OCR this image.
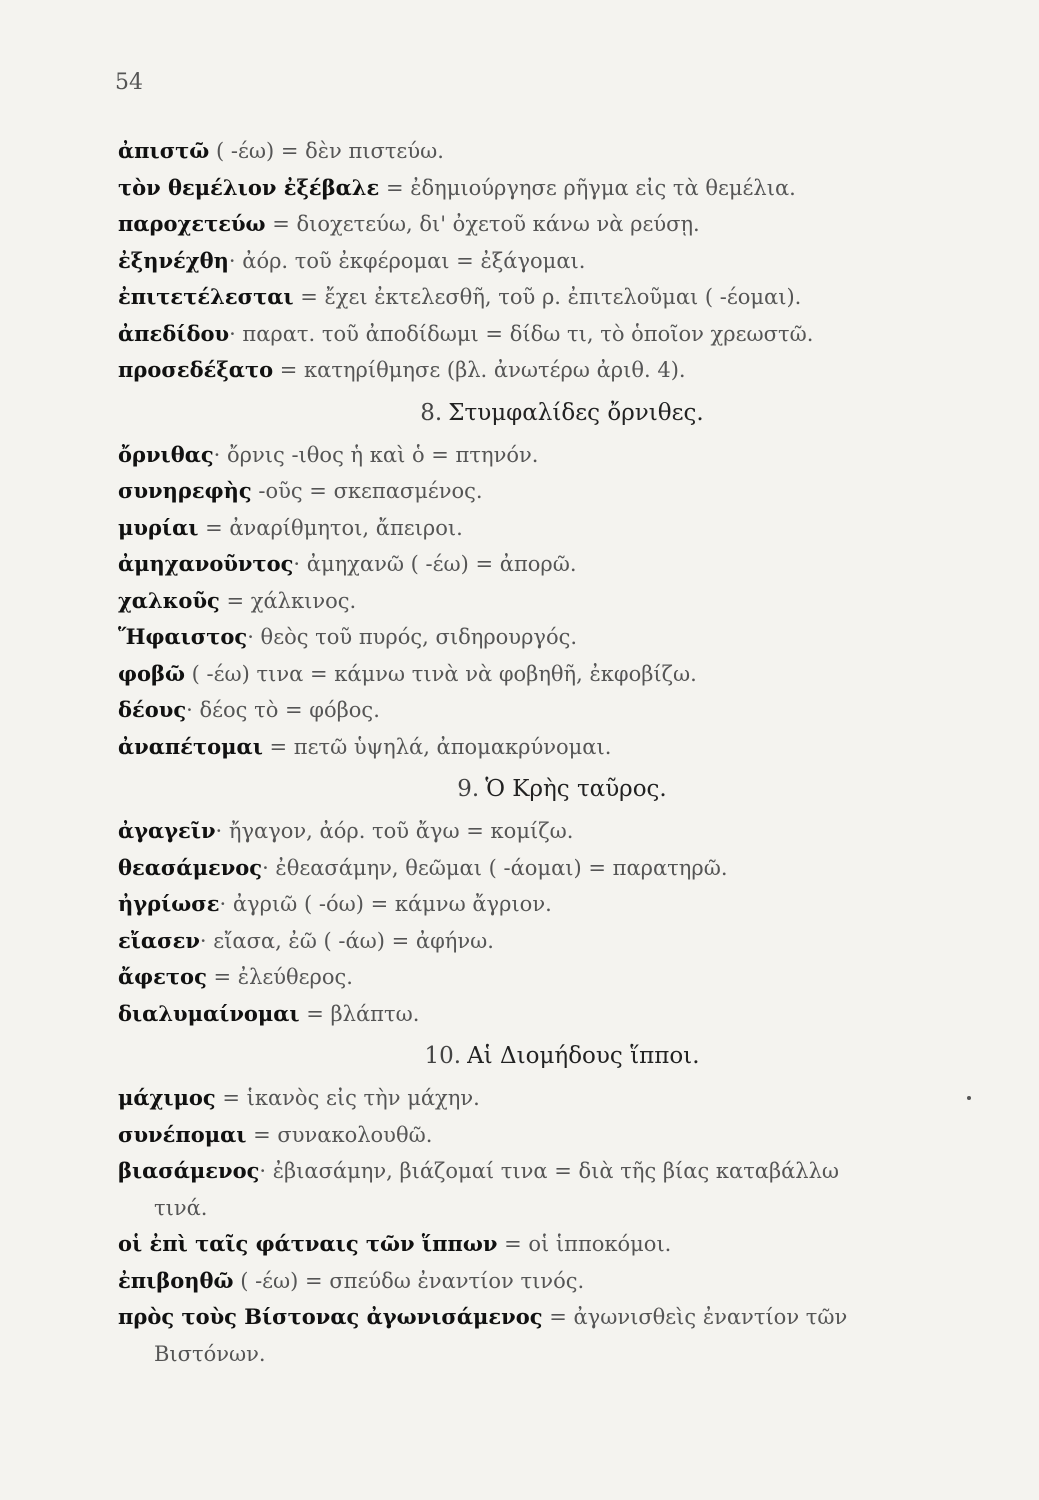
54
ἀπιστῶ ( -έω) = δὲν πιστεύω.
τὸν θεμέλιον ἐξέβαλε = ἐδημιούργησε ρῆγμα εἰς τὰ θεμέλια.
παροχετεύω = διοχετεύω, δι' ὀχετοῦ κάνω νὰ ρεύσῃ.
ἐξηνέχθη· ἀόρ. τοῦ ἐκφέρομαι = ἐξάγομαι.
ἐπιτετέλεσται = ἔχει ἐκτελεσθῆ, τοῦ ρ. ἐπιτελοῦμαι ( -έομαι).
ἀπεδίδου· παρατ. τοῦ ἀποδίδωμι = δίδω τι, τὸ ὁποῖον χρεωστῶ.
προσεδέξατο = κατηρίθμησε (βλ. ἀνωτέρω ἀριθ. 4).
8. Στυμφαλίδες ὄρνιθες.
ὄρνιθας· ὄρνις -ιθος ἡ καὶ ὁ = πτηνόν.
συνηρεφὴς -οῦς = σκεπασμένος.
μυρίαι = ἀναρίθμητοι, ἄπειροι.
ἀμηχανοῦντος· ἀμηχανῶ ( -έω) = ἀπορῶ.
χαλκοῦς = χάλκινος.
Ἥφαιστος· θεὸς τοῦ πυρός, σιδηρουργός.
φοβῶ ( -έω) τινα = κάμνω τινὰ νὰ φοβηθῆ, ἐκφοβίζω.
δέους· δέος τὸ = φόβος.
ἀναπέτομαι = πετῶ ὑψηλά, ἀπομακρύνομαι.
9. Ὁ Κρὴς ταῦρος.
ἀγαγεῖν· ἤγαγον, ἀόρ. τοῦ ἄγω = κομίζω.
θεασάμενος· ἐθεασάμην, θεῶμαι ( -άομαι) = παρατηρῶ.
ἠγρίωσε· ἀγριῶ ( -όω) = κάμνω ἄγριον.
εἴασεν· εἴασα, ἐῶ ( -άω) = ἀφήνω.
ἄφετος = ἐλεύθερος.
διαλυμαίνομαι = βλάπτω.
10. Αἱ Διομήδους ἵπποι.
μάχιμος = ἱκανὸς εἰς τὴν μάχην.
συνέπομαι = συνακολουθῶ.
βιασάμενος· ἐβιασάμην, βιάζομαί τινα = διὰ τῆς βίας καταβάλλω
τινά.
οἱ ἐπὶ ταῖς φάτναις τῶν ἵππων = οἱ ἱπποκόμοι.
ἐπιβοηθῶ ( -έω) = σπεύδω ἐναντίον τινός.
πρὸς τοὺς Βίστονας ἀγωνισάμενος = ἀγωνισθεὶς ἐναντίον τῶν
Βιστόνων.
